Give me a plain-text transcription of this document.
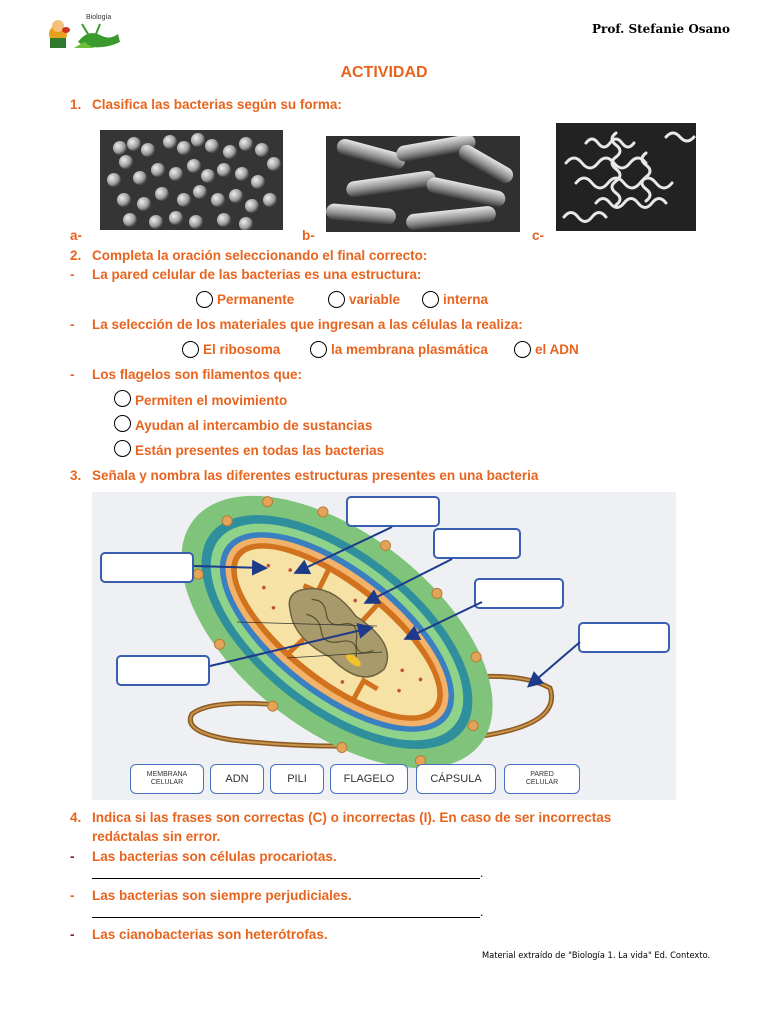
Biología
Prof. Stefanie Osano
ACTIVIDAD
1. Clasifica las bacterias según su forma:
a-	b-	c-
2. Completa la oración seleccionando el final correcto:
- La pared celular de las bacterias es una estructura:
Permanente	variable	interna
- La selección de los materiales que ingresan a las células la realiza:
El ribosoma	la membrana plasmática	el ADN
- Los flagelos son filamentos que:
Permiten el movimiento
Ayudan al intercambio de sustancias
Están presentes en todas las bacterias
3. Señala y nombra las diferentes estructuras presentes en una bacteria
MEMBRANA
CELULAR	ADN	PILI	FLAGELO	CÁPSULA	PARED
CELULAR
4. Indica si las frases son correctas (C) o incorrectas (I). En caso de ser incorrectas
redáctalas sin error.
- Las bacterias son células procariotas.
.
- Las bacterias son siempre perjudiciales.
.
- Las cianobacterias son heterótrofas.
Material extraído de "Biología 1. La vida" Ed. Contexto.
